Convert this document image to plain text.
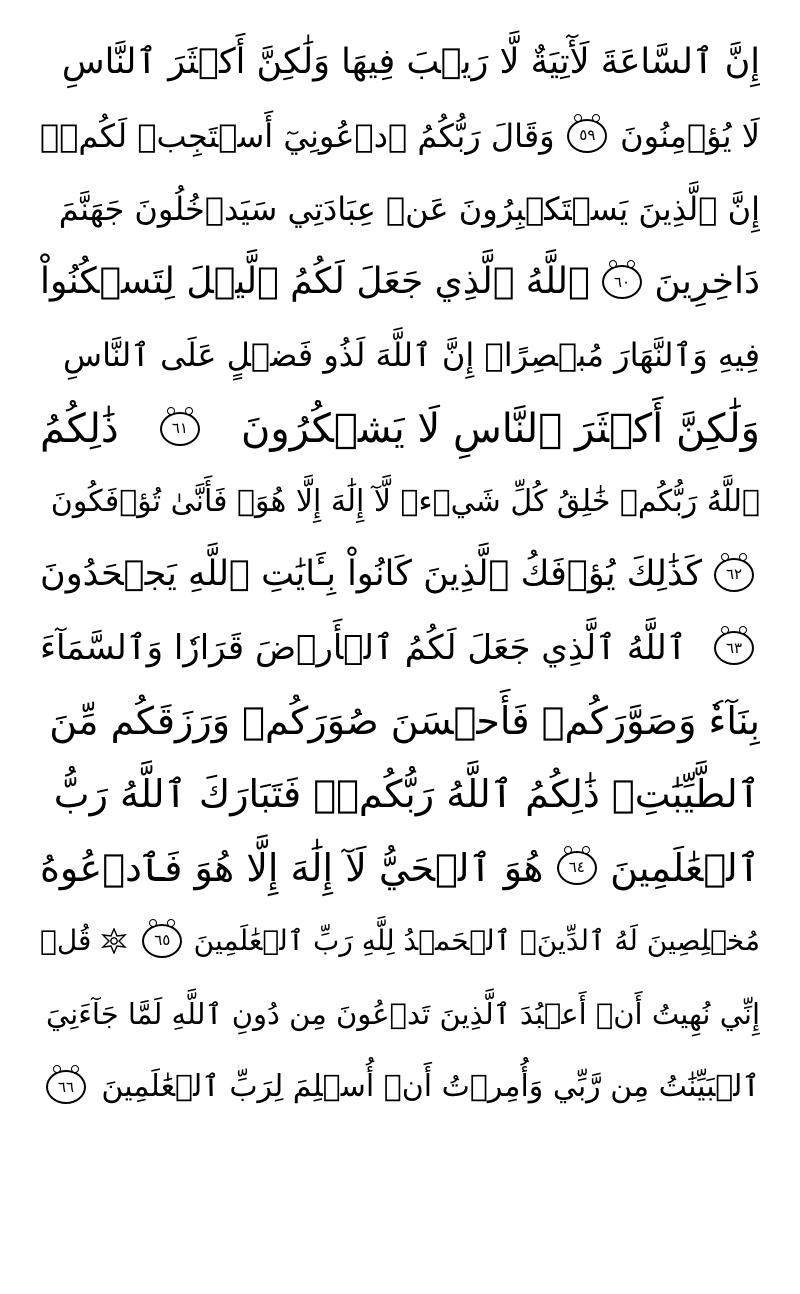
إِنَّ ٱلسَّاعَةَ لَأٓتِيَةٌ لَّا رَيۡبَ فِيهَا وَلَٰكِنَّ أَكۡثَرَ ٱلنَّاسِ
لَا يُؤۡمِنُونَ
٥٩
وَقَالَ رَبُّكُمُ ٱدۡعُونِيٓ أَسۡتَجِبۡ لَكُمۡۚ
إِنَّ ٱلَّذِينَ يَسۡتَكۡبِرُونَ عَنۡ عِبَادَتِي سَيَدۡخُلُونَ جَهَنَّمَ
دَاخِرِينَ
٦٠
ٱللَّهُ ٱلَّذِي جَعَلَ لَكُمُ ٱلَّيۡلَ لِتَسۡكُنُواْ
فِيهِ وَٱلنَّهَارَ مُبۡصِرًاۚ إِنَّ ٱللَّهَ لَذُو فَضۡلٍ عَلَى ٱلنَّاسِ
وَلَٰكِنَّ أَكۡثَرَ ٱلنَّاسِ لَا يَشۡكُرُونَ
٦١
ذَٰلِكُمُ
ٱللَّهُ رَبُّكُمۡ خَٰلِقُ كُلِّ شَيۡءٖ لَّآ إِلَٰهَ إِلَّا هُوَۖ فَأَنَّىٰ تُؤۡفَكُونَ
٦٢
كَذَٰلِكَ يُؤۡفَكُ ٱلَّذِينَ كَانُواْ بِـَٔايَٰتِ ٱللَّهِ يَجۡحَدُونَ
٦٣
ٱللَّهُ ٱلَّذِي جَعَلَ لَكُمُ ٱلۡأَرۡضَ قَرَارٗا وَٱلسَّمَآءَ
بِنَآءٗ وَصَوَّرَكُمۡ فَأَحۡسَنَ صُوَرَكُمۡ وَرَزَقَكُم مِّنَ
ٱلطَّيِّبَٰتِۚ ذَٰلِكُمُ ٱللَّهُ رَبُّكُمۡۖ فَتَبَارَكَ ٱللَّهُ رَبُّ
ٱلۡعَٰلَمِينَ
٦٤
هُوَ ٱلۡحَيُّ لَآ إِلَٰهَ إِلَّا هُوَ فَٱدۡعُوهُ
مُخۡلِصِينَ لَهُ ٱلدِّينَۗ ٱلۡحَمۡدُ لِلَّهِ رَبِّ ٱلۡعَٰلَمِينَ
٦٥
قُلۡ
إِنِّي نُهِيتُ أَنۡ أَعۡبُدَ ٱلَّذِينَ تَدۡعُونَ مِن دُونِ ٱللَّهِ لَمَّا جَآءَنِيَ
ٱلۡبَيِّنَٰتُ مِن رَّبِّي وَأُمِرۡتُ أَنۡ أُسۡلِمَ لِرَبِّ ٱلۡعَٰلَمِينَ
٦٦
